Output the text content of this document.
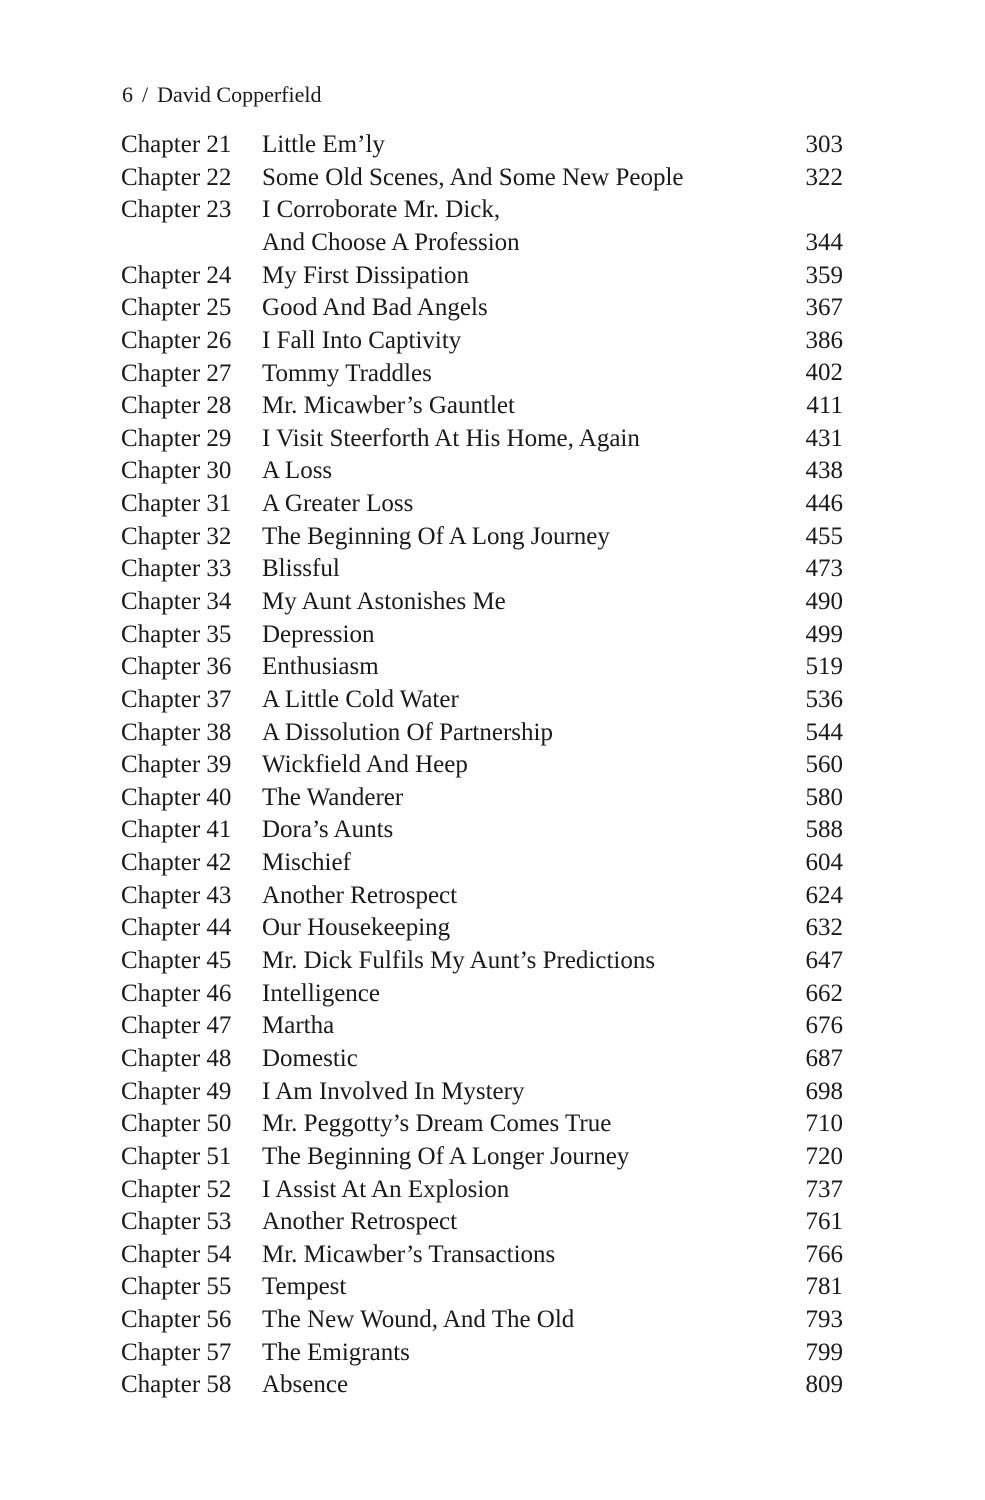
6 / David Copperfield
Chapter 21	Little Em’ly	303
Chapter 22	Some Old Scenes, And Some New People	322
Chapter 23	I Corroborate Mr. Dick,
And Choose A Profession	344
Chapter 24	My First Dissipation	359
Chapter 25	Good And Bad Angels	367
Chapter 26	I Fall Into Captivity	386
Chapter 27	Tommy Traddles	402
Chapter 28	Mr. Micawber’s Gauntlet	411
Chapter 29	I Visit Steerforth At His Home, Again	431
Chapter 30	A Loss	438
Chapter 31	A Greater Loss	446
Chapter 32	The Beginning Of A Long Journey	455
Chapter 33	Blissful	473
Chapter 34	My Aunt Astonishes Me	490
Chapter 35	Depression	499
Chapter 36	Enthusiasm	519
Chapter 37	A Little Cold Water	536
Chapter 38	A Dissolution Of Partnership	544
Chapter 39	Wickfield And Heep	560
Chapter 40	The Wanderer	580
Chapter 41	Dora’s Aunts	588
Chapter 42	Mischief	604
Chapter 43	Another Retrospect	624
Chapter 44	Our Housekeeping	632
Chapter 45	Mr. Dick Fulfils My Aunt’s Predictions	647
Chapter 46	Intelligence	662
Chapter 47	Martha	676
Chapter 48	Domestic	687
Chapter 49	I Am Involved In Mystery	698
Chapter 50	Mr. Peggotty’s Dream Comes True	710
Chapter 51	The Beginning Of A Longer Journey	720
Chapter 52	I Assist At An Explosion	737
Chapter 53	Another Retrospect	761
Chapter 54	Mr. Micawber’s Transactions	766
Chapter 55	Tempest	781
Chapter 56	The New Wound, And The Old	793
Chapter 57	The Emigrants	799
Chapter 58	Absence	809
